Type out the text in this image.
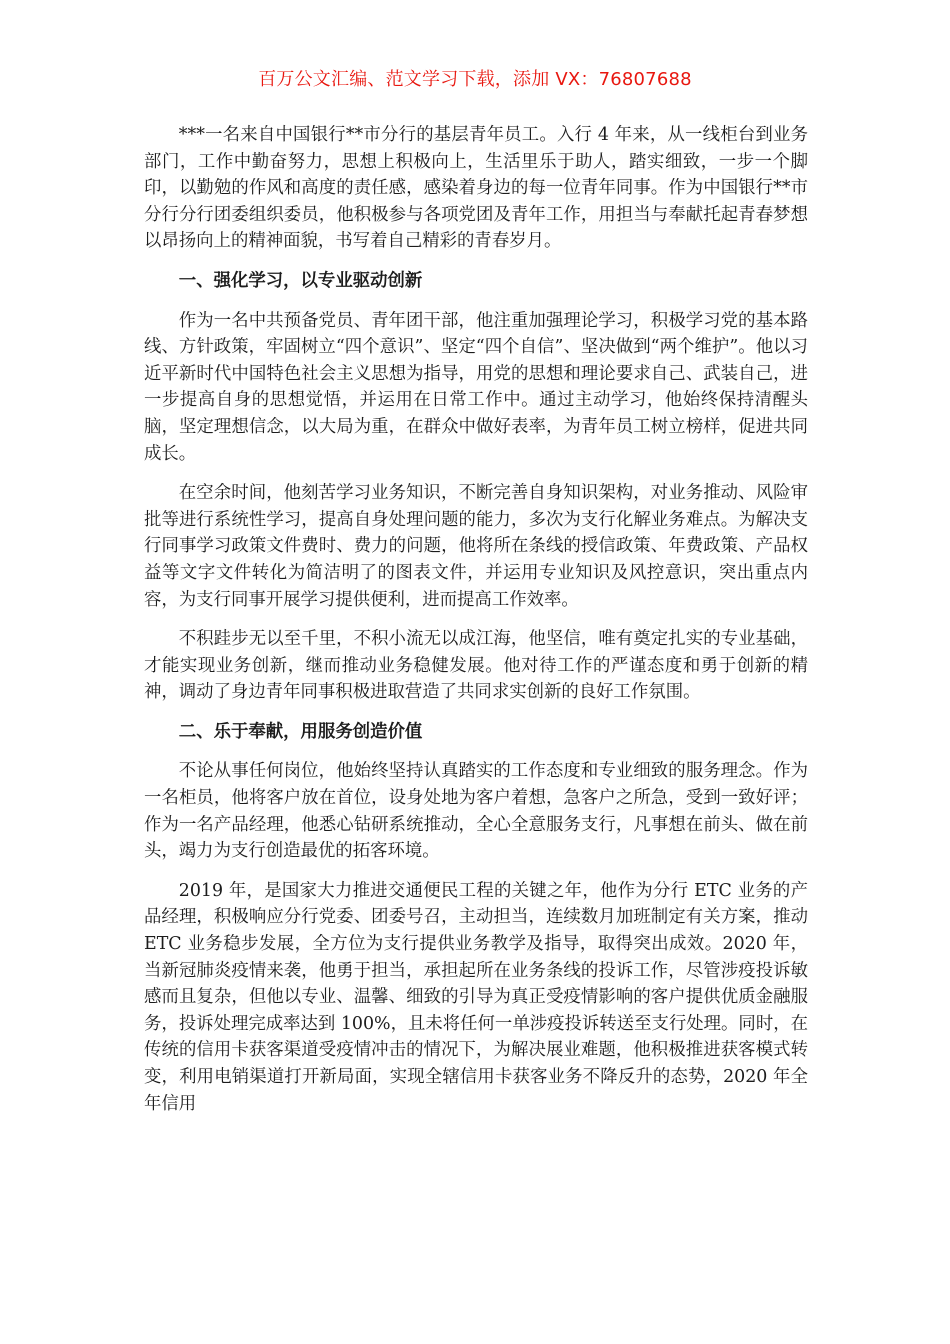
百万公文汇编、范文学习下载，添加 VX：76807688

***一名来自中国银行**市分行的基层青年员工。入行 4 年来，从一线柜台到业务部门，工作中勤奋努力，思想上积极向上，生活里乐于助人，踏实细致，一步一个脚印，以勤勉的作风和高度的责任感，感染着身边的每一位青年同事。作为中国银行**市分行分行团委组织委员，他积极参与各项党团及青年工作，用担当与奉献托起青春梦想以昂扬向上的精神面貌，书写着自己精彩的青春岁月。

一、强化学习，以专业驱动创新

作为一名中共预备党员、青年团干部，他注重加强理论学习，积极学习党的基本路线、方针政策，牢固树立“四个意识”、坚定“四个自信”、坚决做到“两个维护”。他以习近平新时代中国特色社会主义思想为指导，用党的思想和理论要求自己、武装自己，进一步提高自身的思想觉悟，并运用在日常工作中。通过主动学习，他始终保持清醒头脑，坚定理想信念，以大局为重，在群众中做好表率，为青年员工树立榜样，促进共同成长。

在空余时间，他刻苦学习业务知识，不断完善自身知识架构，对业务推动、风险审批等进行系统性学习，提高自身处理问题的能力，多次为支行化解业务难点。为解决支行同事学习政策文件费时、费力的问题，他将所在条线的授信政策、年费政策、产品权益等文字文件转化为简洁明了的图表文件，并运用专业知识及风控意识，突出重点内容，为支行同事开展学习提供便利，进而提高工作效率。

不积跬步无以至千里，不积小流无以成江海，他坚信，唯有奠定扎实的专业基础，才能实现业务创新，继而推动业务稳健发展。他对待工作的严谨态度和勇于创新的精神，调动了身边青年同事积极进取营造了共同求实创新的良好工作氛围。

二、乐于奉献，用服务创造价值

不论从事任何岗位，他始终坚持认真踏实的工作态度和专业细致的服务理念。作为一名柜员，他将客户放在首位，设身处地为客户着想，急客户之所急，受到一致好评；作为一名产品经理，他悉心钻研系统推动，全心全意服务支行，凡事想在前头、做在前头，竭力为支行创造最优的拓客环境。

2019 年，是国家大力推进交通便民工程的关键之年，他作为分行 ETC 业务的产品经理，积极响应分行党委、团委号召，主动担当，连续数月加班制定有关方案，推动 ETC 业务稳步发展，全方位为支行提供业务教学及指导，取得突出成效。2020 年，当新冠肺炎疫情来袭，他勇于担当，承担起所在业务条线的投诉工作，尽管涉疫投诉敏感而且复杂，但他以专业、温馨、细致的引导为真正受疫情影响的客户提供优质金融服务，投诉处理完成率达到 100%，且未将任何一单涉疫投诉转送至支行处理。同时，在传统的信用卡获客渠道受疫情冲击的情况下，为解决展业难题，他积极推进获客模式转变，利用电销渠道打开新局面，实现全辖信用卡获客业务不降反升的态势，2020 年全年信用
